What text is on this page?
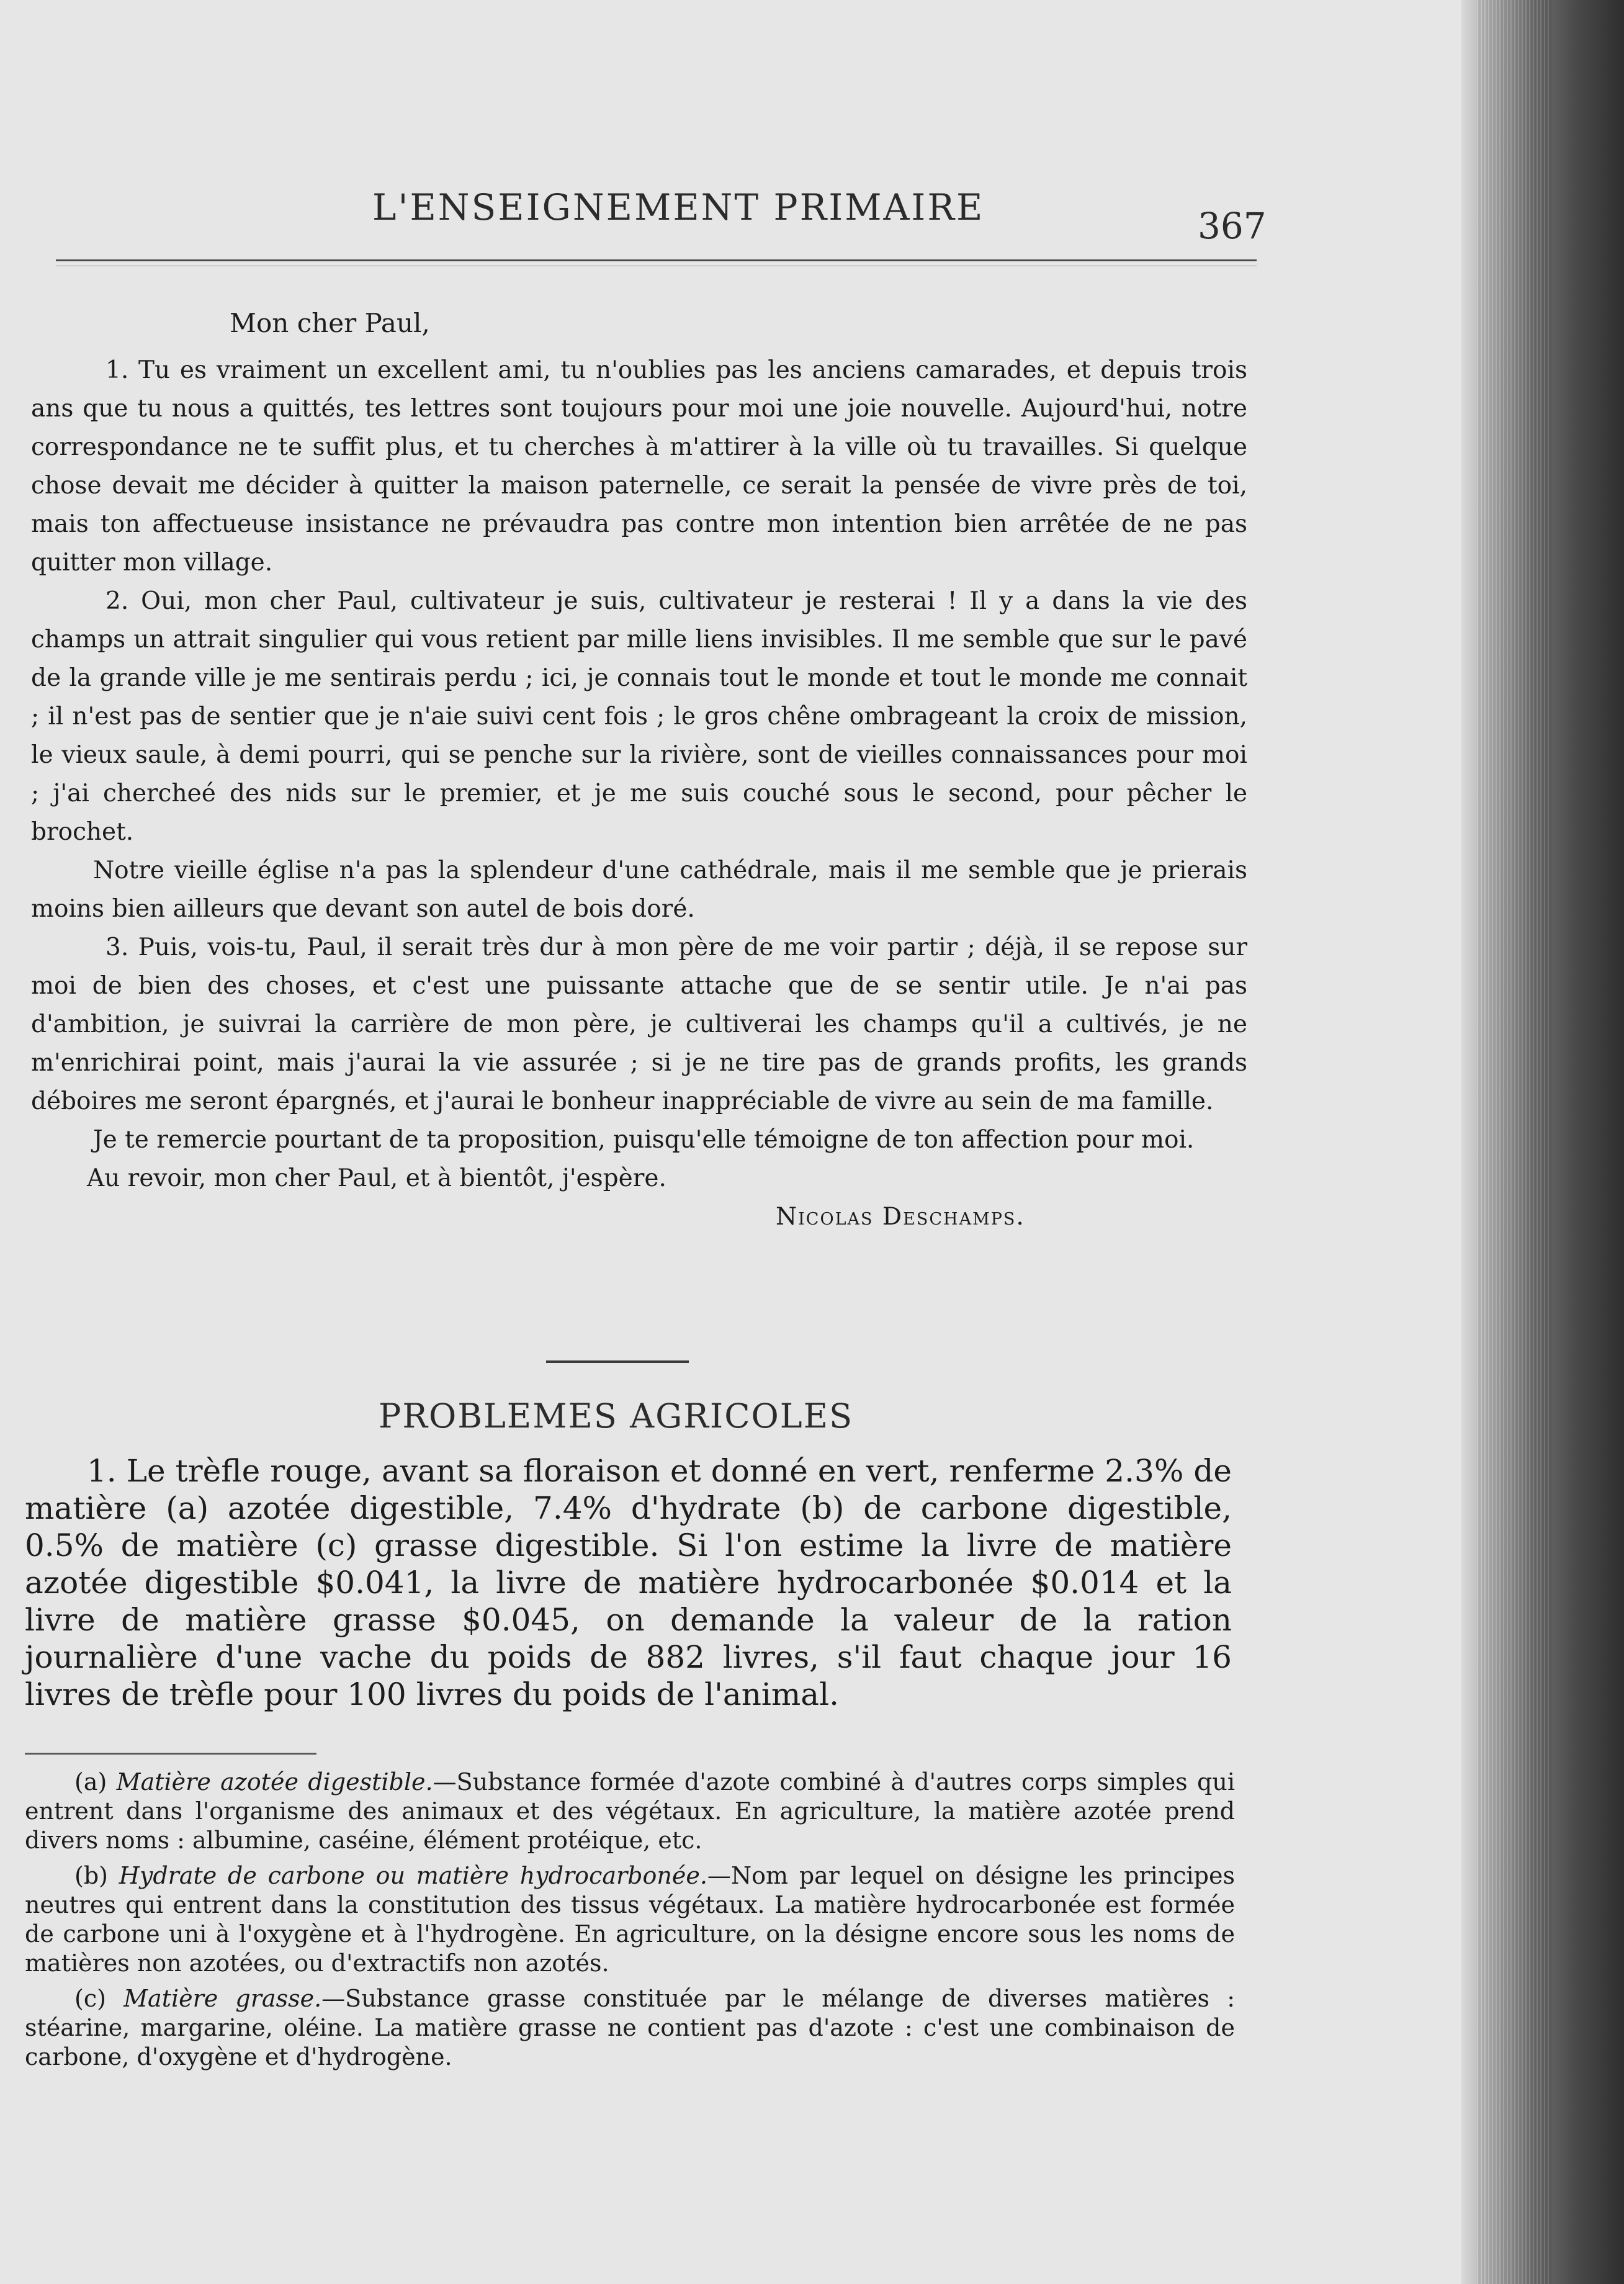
L'ENSEIGNEMENT PRIMAIRE	367

Mon cher Paul,

1. Tu es vraiment un excellent ami, tu n'oublies pas les anciens camarades, et depuis trois ans que tu nous a quittés, tes lettres sont toujours pour moi une joie nouvelle. Aujourd'hui, notre correspondance ne te suffit plus, et tu cherches à m'attirer à la ville où tu travailles. Si quelque chose devait me décider à quitter la maison paternelle, ce serait la pensée de vivre près de toi, mais ton affectueuse insistance ne prévaudra pas contre mon intention bien arrêtée de ne pas quitter mon village.

2. Oui, mon cher Paul, cultivateur je suis, cultivateur je resterai ! Il y a dans la vie des champs un attrait singulier qui vous retient par mille liens invisibles. Il me semble que sur le pavé de la grande ville je me sentirais perdu ; ici, je connais tout le monde et tout le monde me connait ; il n'est pas de sentier que je n'aie suivi cent fois ; le gros chêne ombrageant la croix de mission, le vieux saule, à demi pourri, qui se penche sur la rivière, sont de vieilles connaissances pour moi ; j'ai chercheé des nids sur le premier, et je me suis couché sous le second, pour pêcher le brochet.

Notre vieille église n'a pas la splendeur d'une cathédrale, mais il me semble que je prierais moins bien ailleurs que devant son autel de bois doré.

3. Puis, vois-tu, Paul, il serait très dur à mon père de me voir partir ; déjà, il se repose sur moi de bien des choses, et c'est une puissante attache que de se sentir utile. Je n'ai pas d'ambition, je suivrai la carrière de mon père, je cultiverai les champs qu'il a cultivés, je ne m'enrichirai point, mais j'aurai la vie assurée ; si je ne tire pas de grands profits, les grands déboires me seront épargnés, et j'aurai le bonheur inappréciable de vivre au sein de ma famille.

Je te remercie pourtant de ta proposition, puisqu'elle témoigne de ton affection pour moi.

Au revoir, mon cher Paul, et à bientôt, j'espère.

Nicolas Deschamps.

PROBLEMES AGRICOLES

1. Le trèfle rouge, avant sa floraison et donné en vert, renferme 2.3% de matière (a) azotée digestible, 7.4% d'hydrate (b) de carbone digestible, 0.5% de matière (c) grasse digestible. Si l'on estime la livre de matière azotée digestible $0.041, la livre de matière hydrocarbonée $0.014 et la livre de matière grasse $0.045, on demande la valeur de la ration journalière d'une vache du poids de 882 livres, s'il faut chaque jour 16 livres de trèfle pour 100 livres du poids de l'animal.

(a) Matière azotée digestible.—Substance formée d'azote combiné à d'autres corps simples qui entrent dans l'organisme des animaux et des végétaux. En agriculture, la matière azotée prend divers noms : albumine, caséine, élément protéique, etc.

(b) Hydrate de carbone ou matière hydrocarbonée.—Nom par lequel on désigne les principes neutres qui entrent dans la constitution des tissus végétaux. La matière hydrocarbonée est formée de carbone uni à l'oxygène et à l'hydrogène. En agriculture, on la désigne encore sous les noms de matières non azotées, ou d'extractifs non azotés.

(c) Matière grasse.—Substance grasse constituée par le mélange de diverses matières : stéarine, margarine, oléine. La matière grasse ne contient pas d'azote : c'est une combinaison de carbone, d'oxygène et d'hydrogène.
